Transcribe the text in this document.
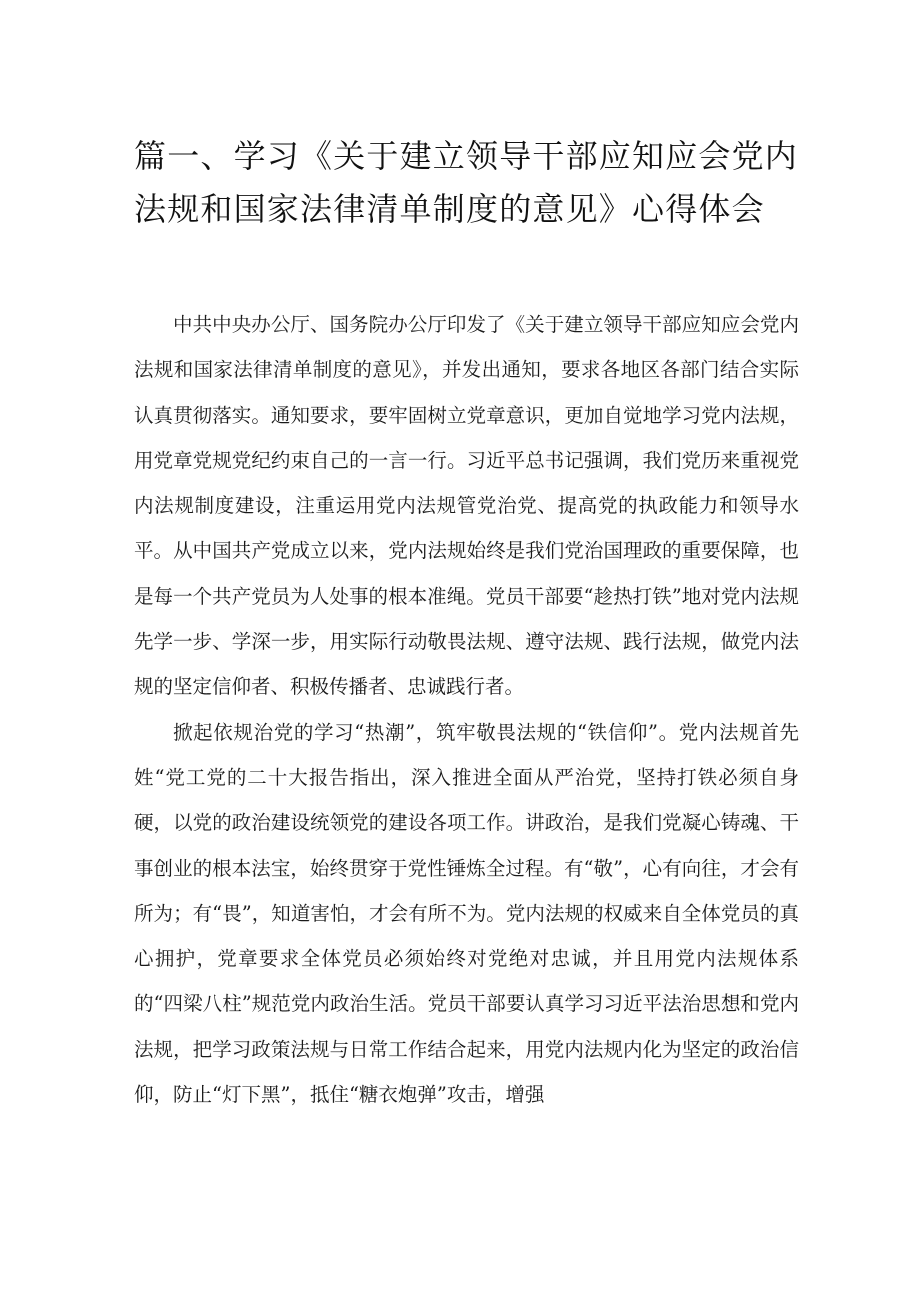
篇一、学习《关于建立领导干部应知应会党内法规和国家法律清单制度的意见》心得体会

中共中央办公厅、国务院办公厅印发了《关于建立领导干部应知应会党内法规和国家法律清单制度的意见》，并发出通知，要求各地区各部门结合实际认真贯彻落实。通知要求，要牢固树立党章意识，更加自觉地学习党内法规，用党章党规党纪约束自己的一言一行。习近平总书记强调，我们党历来重视党内法规制度建设，注重运用党内法规管党治党、提高党的执政能力和领导水平。从中国共产党成立以来，党内法规始终是我们党治国理政的重要保障，也是每一个共产党员为人处事的根本准绳。党员干部要“趁热打铁”地对党内法规先学一步、学深一步，用实际行动敬畏法规、遵守法规、践行法规，做党内法规的坚定信仰者、积极传播者、忠诚践行者。

掀起依规治党的学习“热潮”，筑牢敬畏法规的“铁信仰”。党内法规首先姓“党工党的二十大报告指出，深入推进全面从严治党，坚持打铁必须自身硬，以党的政治建设统领党的建设各项工作。讲政治，是我们党凝心铸魂、干事创业的根本法宝，始终贯穿于党性锤炼全过程。有“敬”，心有向往，才会有所为；有“畏”，知道害怕，才会有所不为。党内法规的权威来自全体党员的真心拥护，党章要求全体党员必须始终对党绝对忠诚，并且用党内法规体系的“四梁八柱”规范党内政治生活。党员干部要认真学习习近平法治思想和党内法规，把学习政策法规与日常工作结合起来，用党内法规内化为坚定的政治信仰，防止“灯下黑”，抵住“糖衣炮弹”攻击，增强
